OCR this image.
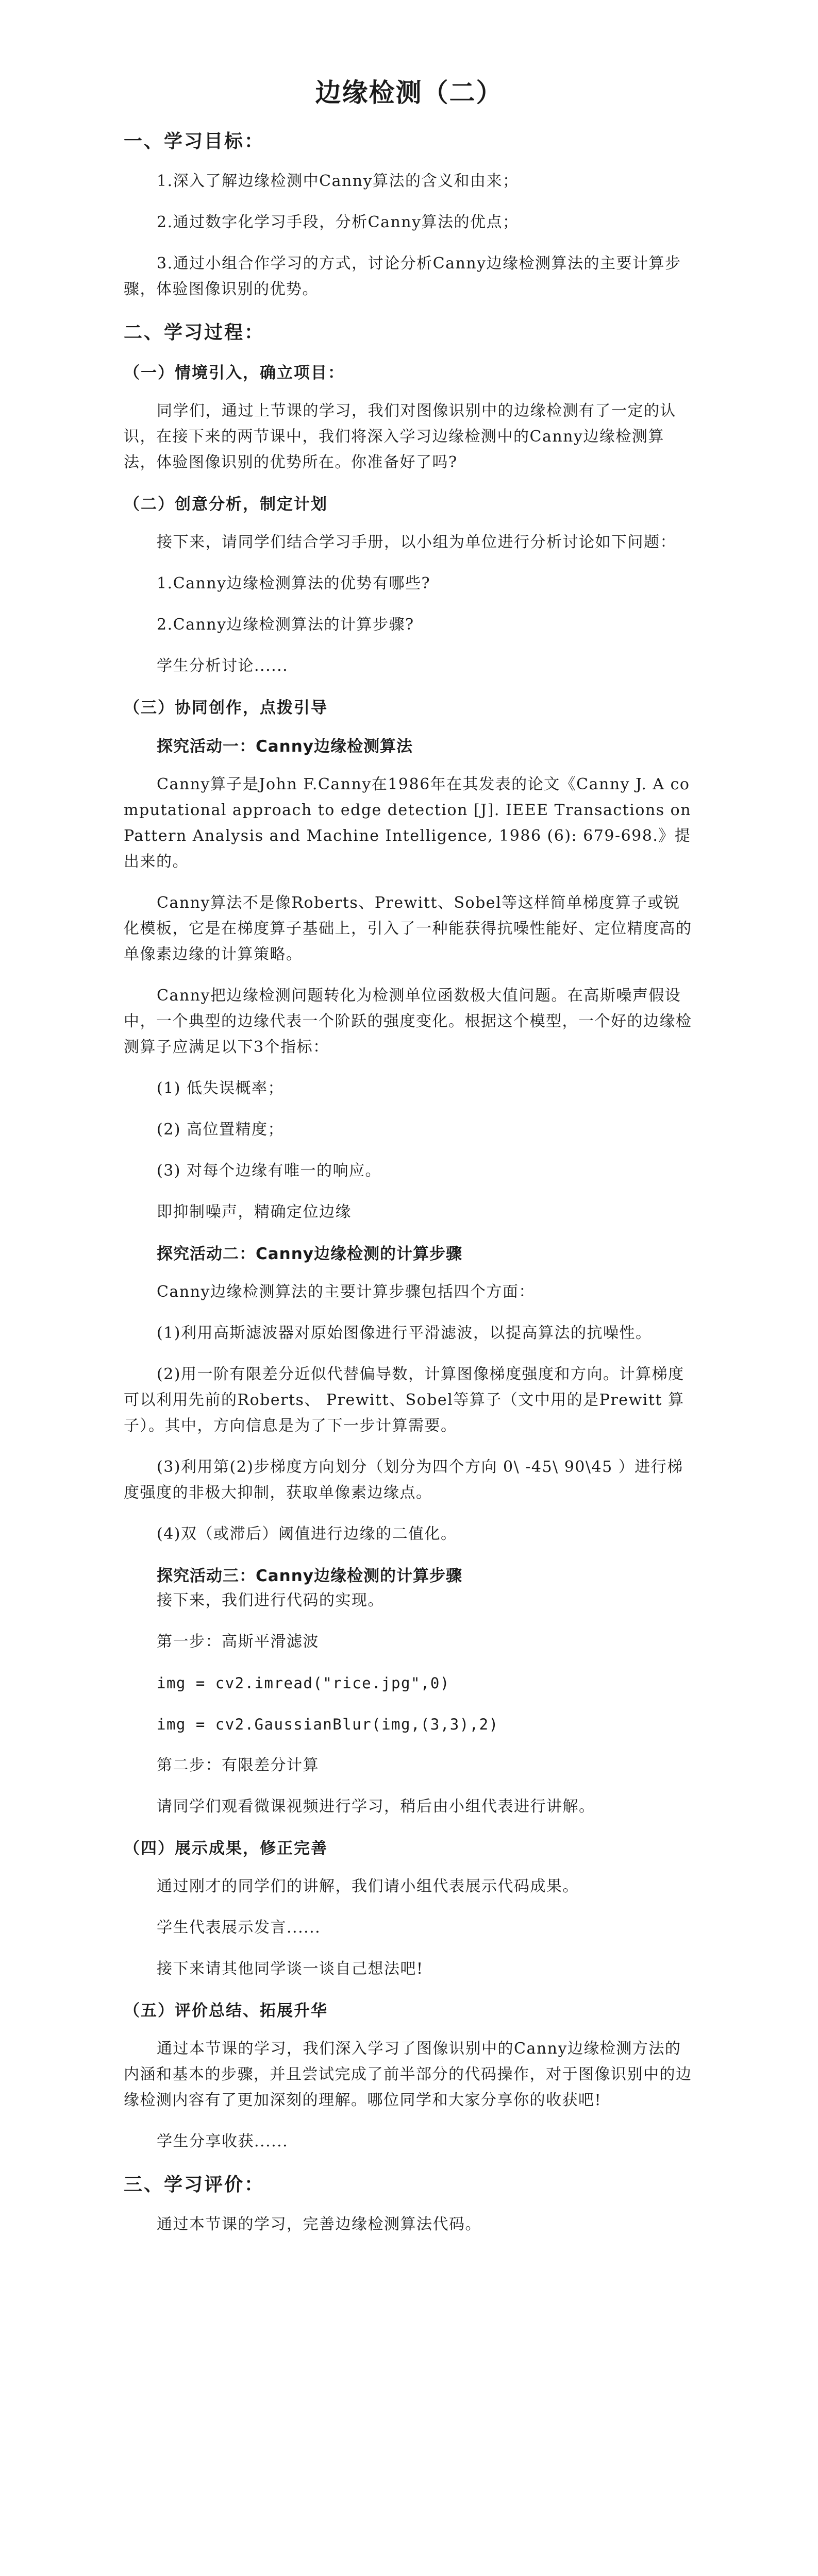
边缘检测（二）
一、学习目标：

1.深入了解边缘检测中Canny算法的含义和由来；

2.通过数字化学习手段，分析Canny算法的优点；

3.通过小组合作学习的方式，讨论分析Canny边缘检测算法的主要计算步骤，体验图像识别的优势。

二、学习过程：
（一）情境引入，确立项目：

同学们，通过上节课的学习，我们对图像识别中的边缘检测有了一定的认识，在接下来的两节课中，我们将深入学习边缘检测中的Canny边缘检测算法，体验图像识别的优势所在。你准备好了吗?

（二）创意分析，制定计划

接下来，请同学们结合学习手册，以小组为单位进行分析讨论如下问题：

1.Canny边缘检测算法的优势有哪些?

2.Canny边缘检测算法的计算步骤?

学生分析讨论......

（三）协同创作，点拨引导
探究活动一：Canny边缘检测算法

Canny算子是John F.Canny在1986年在其发表的论文《Canny J. A computational approach to edge detection [J]. IEEE Transactions on Pattern Analysis and Machine Intelligence, 1986 (6): 679-698.》提出来的。

Canny算法不是像Roberts、Prewitt、Sobel等这样简单梯度算子或锐化模板，它是在梯度算子基础上，引入了一种能获得抗噪性能好、定位精度高的单像素边缘的计算策略。

Canny把边缘检测问题转化为检测单位函数极大值问题。在高斯噪声假设中，一个典型的边缘代表一个阶跃的强度变化。根据这个模型，一个好的边缘检测算子应满足以下3个指标：

(1) 低失误概率；

(2) 高位置精度；

(3) 对每个边缘有唯一的响应。

即抑制噪声，精确定位边缘

探究活动二：Canny边缘检测的计算步骤

Canny边缘检测算法的主要计算步骤包括四个方面：

(1)利用高斯滤波器对原始图像进行平滑滤波，以提高算法的抗噪性。

(2)用一阶有限差分近似代替偏导数，计算图像梯度强度和方向。计算梯度可以利用先前的Roberts、 Prewitt、Sobel等算子（文中用的是Prewitt 算子）。其中，方向信息是为了下一步计算需要。

(3)利用第(2)步梯度方向划分（划分为四个方向 0\ -45\ 90\45 ）进行梯度强度的非极大抑制，获取单像素边缘点。

(4)双（或滞后）阈值进行边缘的二值化。

探究活动三：Canny边缘检测的计算步骤

接下来，我们进行代码的实现。

第一步：高斯平滑滤波

img = cv2.imread("rice.jpg",0)

img = cv2.GaussianBlur(img,(3,3),2)

第二步：有限差分计算

请同学们观看微课视频进行学习，稍后由小组代表进行讲解。

（四）展示成果，修正完善

通过刚才的同学们的讲解，我们请小组代表展示代码成果。

学生代表展示发言......

接下来请其他同学谈一谈自己想法吧!

（五）评价总结、拓展升华

通过本节课的学习，我们深入学习了图像识别中的Canny边缘检测方法的内涵和基本的步骤，并且尝试完成了前半部分的代码操作，对于图像识别中的边缘检测内容有了更加深刻的理解。哪位同学和大家分享你的收获吧!

学生分享收获......

三、学习评价：

通过本节课的学习，完善边缘检测算法代码。
